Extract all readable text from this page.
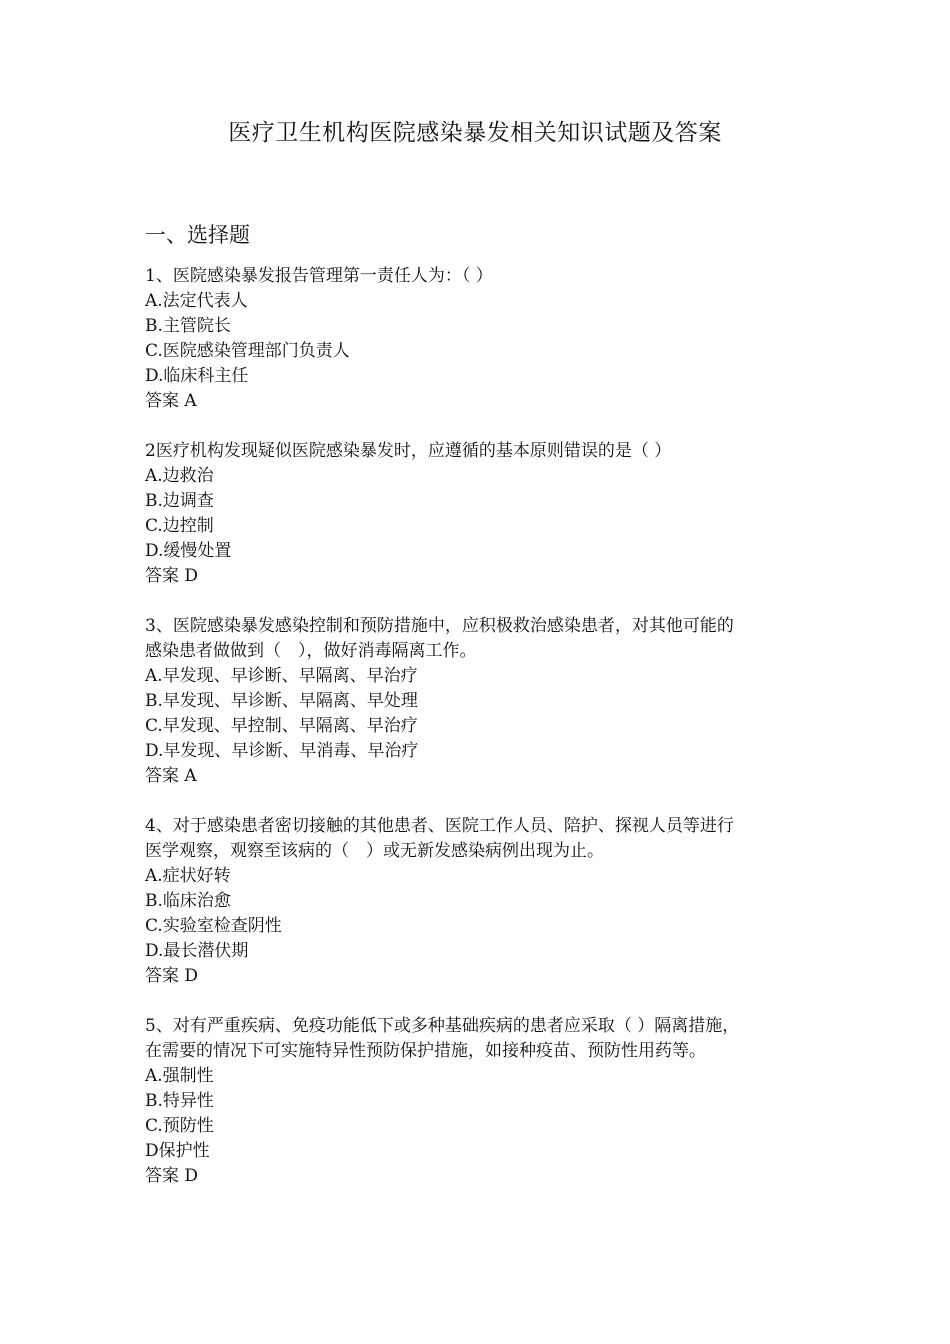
医疗卫生机构医院感染暴发相关知识试题及答案
一、选择题
1、医院感染暴发报告管理第一责任人为：（ ）
A.法定代表人
B.主管院长
C.医院感染管理部门负责人
D.临床科主任
答案 A
2医疗机构发现疑似医院感染暴发时，应遵循的基本原则错误的是（ ）
A.边救治
B.边调查
C.边控制
D.缓慢处置
答案 D
3、医院感染暴发感染控制和预防措施中，应积极救治感染患者，对其他可能的
感染患者做做到（　），做好消毒隔离工作。
A.早发现、早诊断、早隔离、早治疗
B.早发现、早诊断、早隔离、早处理
C.早发现、早控制、早隔离、早治疗
D.早发现、早诊断、早消毒、早治疗
答案 A
4、对于感染患者密切接触的其他患者、医院工作人员、陪护、探视人员等进行
医学观察，观察至该病的（　）或无新发感染病例出现为止。
A.症状好转
B.临床治愈
C.实验室检查阴性
D.最长潜伏期
答案 D
5、对有严重疾病、免疫功能低下或多种基础疾病的患者应采取（ ）隔离措施，
在需要的情况下可实施特异性预防保护措施，如接种疫苗、预防性用药等。
A.强制性
B.特异性
C.预防性
D保护性
答案 D
